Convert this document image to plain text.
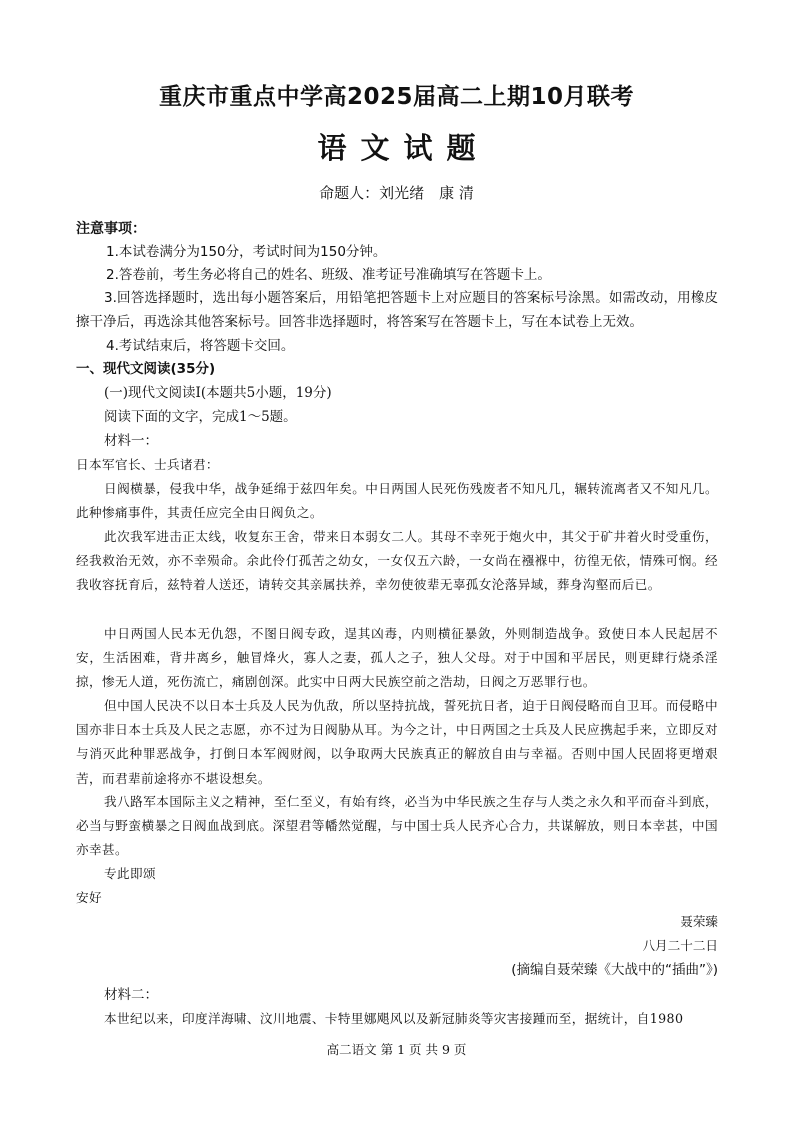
重庆市重点中学高2025届高二上期10月联考
语文试题
命题人：刘光绪　康 清
注意事项：
1.本试卷满分为150分，考试时间为150分钟。
2.答卷前，考生务必将自己的姓名、班级、准考证号准确填写在答题卡上。
3.回答选择题时，选出每小题答案后，用铅笔把答题卡上对应题目的答案标号涂黑。如需改动，用橡皮擦干净后，再选涂其他答案标号。回答非选择题时，将答案写在答题卡上，写在本试卷上无效。
4.考试结束后，将答题卡交回。
一、现代文阅读(35分)
(一)现代文阅读Ⅰ(本题共5小题，19分)
阅读下面的文字，完成1～5题。
材料一：
日本军官长、士兵诸君：
日阀横暴，侵我中华，战争延绵于兹四年矣。中日两国人民死伤残废者不知凡几，辗转流离者又不知凡几。此种惨痛事件，其责任应完全由日阀负之。
此次我军进击正太线，收复东王舍，带来日本弱女二人。其母不幸死于炮火中，其父于矿井着火时受重伤，经我救治无效，亦不幸殒命。余此伶仃孤苦之幼女，一女仅五六龄，一女尚在襁褓中，彷徨无依，情殊可悯。经我收容抚育后，兹特着人送还，请转交其亲属扶养，幸勿使彼辈无辜孤女沦落异域，葬身沟壑而后已。
中日两国人民本无仇怨，不图日阀专政，逞其凶毒，内则横征暴敛，外则制造战争。致使日本人民起居不安，生活困难，背井离乡，触冒烽火，寡人之妻，孤人之子，独人父母。对于中国和平居民，则更肆行烧杀淫掠，惨无人道，死伤流亡，痛剧创深。此实中日两大民族空前之浩劫，日阀之万恶罪行也。
但中国人民决不以日本士兵及人民为仇敌，所以坚持抗战，誓死抗日者，迫于日阀侵略而自卫耳。而侵略中国亦非日本士兵及人民之志愿，亦不过为日阀胁从耳。为今之计，中日两国之士兵及人民应携起手来，立即反对与消灭此种罪恶战争，打倒日本军阀财阀，以争取两大民族真正的解放自由与幸福。否则中国人民固将更增艰苦，而君辈前途将亦不堪设想矣。
我八路军本国际主义之精神，至仁至义，有始有终，必当为中华民族之生存与人类之永久和平而奋斗到底，必当与野蛮横暴之日阀血战到底。深望君等幡然觉醒，与中国士兵人民齐心合力，共谋解放，则日本幸甚，中国亦幸甚。
专此即颂
安好
聂荣臻
八月二十二日
(摘编自聂荣臻《大战中的“插曲”》)
材料二：
本世纪以来，印度洋海啸、汶川地震、卡特里娜飓风以及新冠肺炎等灾害接踵而至，据统计，自1980
高二语文 第 1 页 共 9 页
